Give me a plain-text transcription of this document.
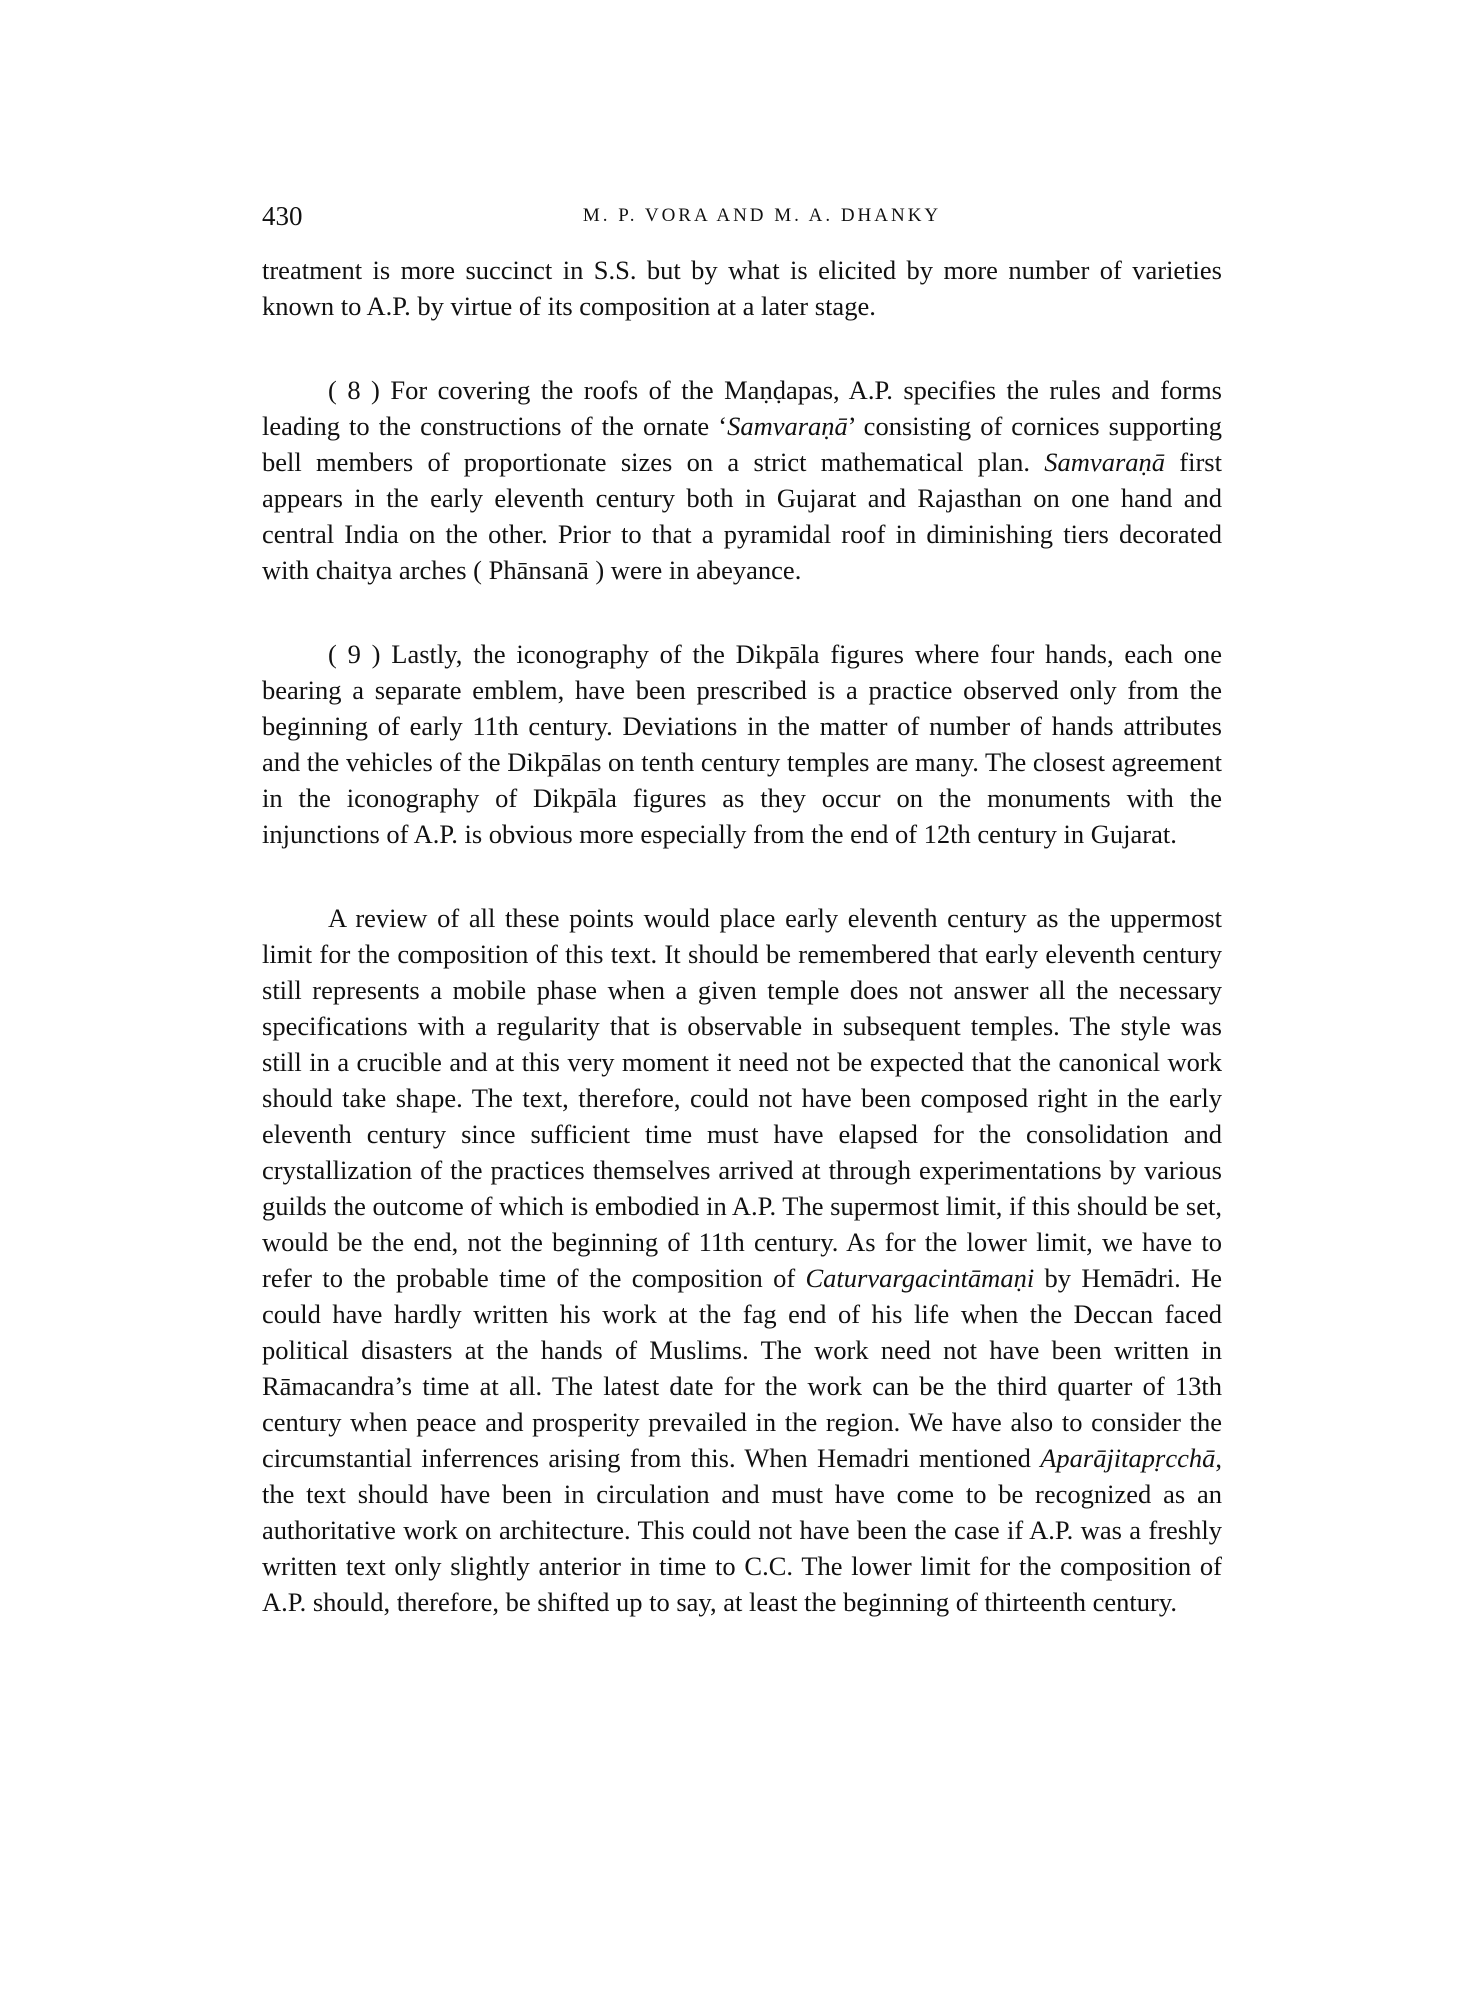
430	M. P. VORA AND M. A. DHANKY

treatment is more succinct in S.S. but by what is elicited by more number of varieties known to A.P. by virtue of its composition at a later stage.

( 8 ) For covering the roofs of the Maṇḍapas, A.P. specifies the rules and forms leading to the constructions of the ornate ‘Samvaraṇā’ consisting of cornices supporting bell members of proportionate sizes on a strict mathematical plan. Samvaraṇā first appears in the early eleventh century both in Gujarat and Rajasthan on one hand and central India on the other. Prior to that a pyramidal roof in diminishing tiers decorated with chaitya arches ( Phānsanā ) were in abeyance.

( 9 ) Lastly, the iconography of the Dikpāla figures where four hands, each one bearing a separate emblem, have been prescribed is a practice observed only from the beginning of early 11th century. Deviations in the matter of number of hands attributes and the vehicles of the Dikpālas on tenth century temples are many. The closest agreement in the iconography of Dikpāla figures as they occur on the monuments with the injunctions of A.P. is obvious more especially from the end of 12th century in Gujarat.

A review of all these points would place early eleventh century as the uppermost limit for the composition of this text. It should be remembered that early eleventh century still represents a mobile phase when a given temple does not answer all the necessary specifications with a regularity that is observable in subsequent temples. The style was still in a crucible and at this very moment it need not be expected that the canonical work should take shape. The text, therefore, could not have been composed right in the early eleventh century since sufficient time must have elapsed for the consolidation and crystallization of the practices themselves arrived at through experimentations by various guilds the outcome of which is embodied in A.P. The supermost limit, if this should be set, would be the end, not the beginning of 11th century. As for the lower limit, we have to refer to the probable time of the composition of Caturvargacintāmaṇi by Hemādri. He could have hardly written his work at the fag end of his life when the Deccan faced political disasters at the hands of Muslims. The work need not have been written in Rāmacandra’s time at all. The latest date for the work can be the third quarter of 13th century when peace and prosperity prevailed in the region. We have also to consider the circumstantial inferrences arising from this. When Hemadri mentioned Aparājitapṛcchā, the text should have been in circulation and must have come to be recognized as an authoritative work on architecture. This could not have been the case if A.P. was a freshly written text only slightly anterior in time to C.C. The lower limit for the composition of A.P. should, therefore, be shifted up to say, at least the beginning of thirteenth century.
